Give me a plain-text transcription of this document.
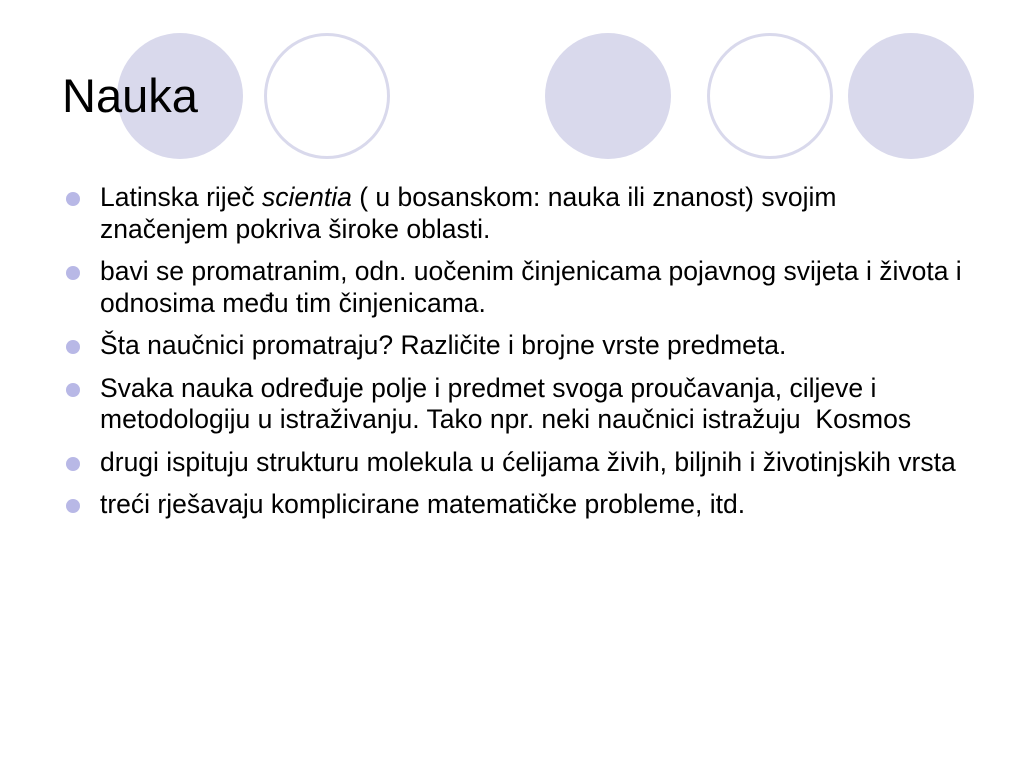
Nauka
Latinska riječ scientia ( u bosanskom: nauka ili znanost) svojim značenjem pokriva široke oblasti.
bavi se promatranim, odn. uočenim činjenicama pojavnog svijeta i života i odnosima među tim činjenicama.
Šta naučnici promatraju? Različite i brojne vrste predmeta.
Svaka nauka određuje polje i predmet svoga proučavanja, ciljeve i metodologiju u istraživanju. Tako npr. neki naučnici istražuju  Kosmos
drugi ispituju strukturu molekula u ćelijama živih, biljnih i životinjskih vrsta
treći rješavaju komplicirane matematičke probleme, itd.
